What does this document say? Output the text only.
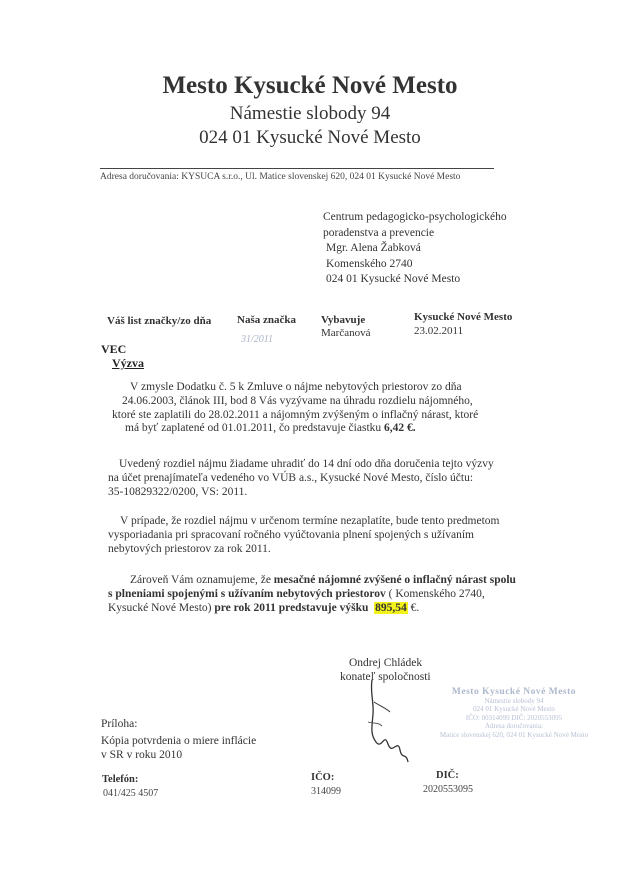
Mesto Kysucké Nové Mesto
Námestie slobody 94
024 01 Kysucké Nové Mesto
Adresa doručovania: KYSUCA s.r.o., Ul. Matice slovenskej 620, 024 01 Kysucké Nové Mesto
Centrum pedagogicko-psychologického
poradenstva a prevencie
Mgr. Alena Žabková
Komenského 2740
024 01 Kysucké Nové Mesto
Váš list značky/zo dňa Naša značka
31/2011
Vybavuje
Marčanová
Kysucké Nové Mesto
23.02.2011
VEC
Výzva
V zmysle Dodatku č. 5 k Zmluve o nájme nebytových priestorov zo dňa
24.06.2003, článok III, bod 8 Vás vyzývame na úhradu rozdielu nájomného,
ktoré ste zaplatili do 28.02.2011 a nájomným zvýšeným o inflačný nárast, ktoré
má byť zaplatené od 01.01.2011, čo predstavuje čiastku 6,42 €.
Uvedený rozdiel nájmu žiadame uhradiť do 14 dní odo dňa doručenia tejto výzvy
na účet prenajímateľa vedeného vo VÚB a.s., Kysucké Nové Mesto, číslo účtu:
35-10829322/0200, VS: 2011.
V prípade, že rozdiel nájmu v určenom termíne nezaplatíte, bude tento predmetom
vysporiadania pri spracovaní ročného vyúčtovania plnení spojených s užívaním
nebytových priestorov za rok 2011.
Zároveň Vám oznamujeme, že mesačné nájomné zvýšené o inflačný nárast spolu
s plneniami spojenými s užívaním nebytových priestorov ( Komenského 2740,
Kysucké Nové Mesto) pre rok 2011 predstavuje výšku 895,54 €.
Ondrej Chládek
konateľ spoločnosti
Mesto Kysucké Nové Mesto
Námestie slobody 94
024 01 Kysucké Nové Mesto
IČO: 00314099 DIČ: 2020553095
Adresa doručovania:
Matice slovenskej 620, 024 01 Kysucké Nové Mesto
Príloha:
Kópia potvrdenia o miere inflácie
v SR v roku 2010
Telefón:
041/425 4507
IČO:
314099
DIČ:
2020553095
